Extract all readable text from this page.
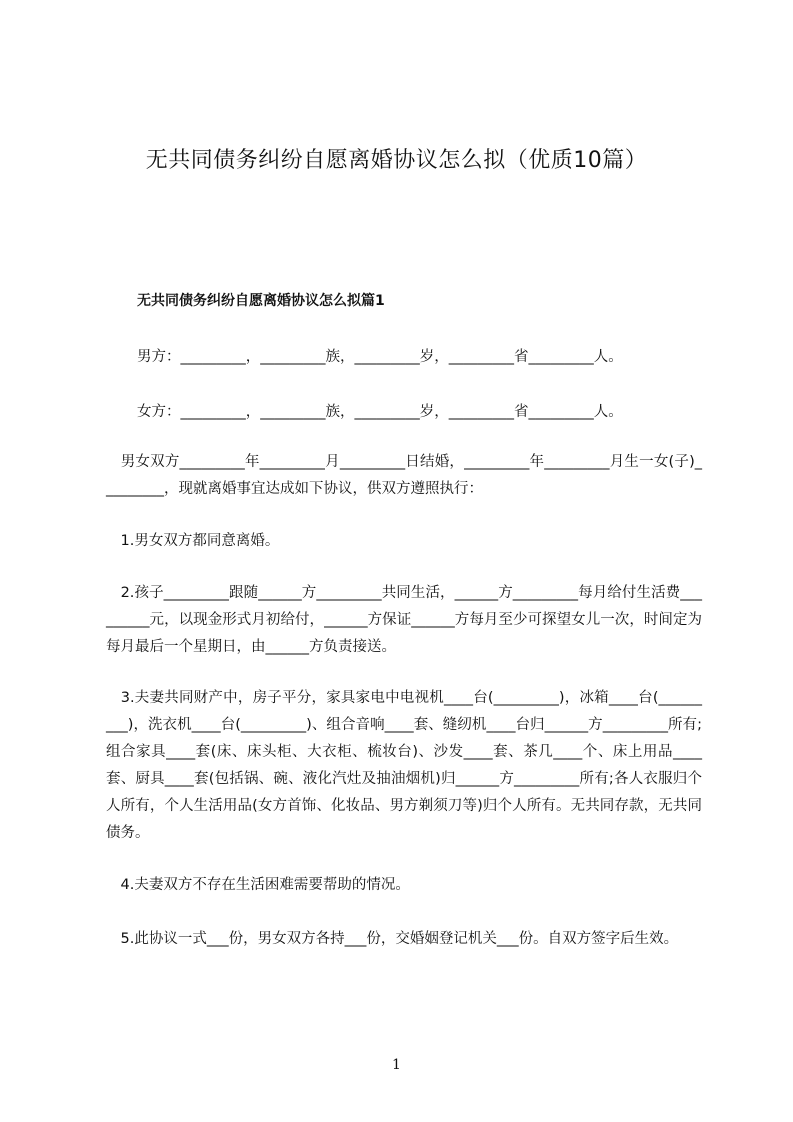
无共同债务纠纷自愿离婚协议怎么拟（优质10篇）
无共同债务纠纷自愿离婚协议怎么拟篇1
男方：_________，_________族，_________岁，_________省_________人。
女方：_________，_________族，_________岁，_________省_________人。

　男女双方_________年_________月_________日结婚，_________年_________月生一女(子)_________，现就离婚事宜达成如下协议，供双方遵照执行：

　1.男女双方都同意离婚。

　2.孩子_________跟随______方_________共同生活，______方_________每月给付生活费_________元，以现金形式月初给付，______方保证______方每月至少可探望女儿一次，时间定为每月最后一个星期日，由______方负责接送。

　3.夫妻共同财产中，房子平分，家具家电中电视机____台(_________)，冰箱____台(_________)，洗衣机____台(_________)、组合音响____套、缝纫机____台归______方_________所有;组合家具____套(床、床头柜、大衣柜、梳妆台)、沙发____套、茶几____个、床上用品____套、厨具____套(包括锅、碗、液化汽灶及抽油烟机)归______方_________所有;各人衣服归个人所有，个人生活用品(女方首饰、化妆品、男方剃须刀等)归个人所有。无共同存款，无共同债务。

　4.夫妻双方不存在生活困难需要帮助的情况。

　5.此协议一式___份，男女双方各持___份，交婚姻登记机关___份。自双方签字后生效。

1
